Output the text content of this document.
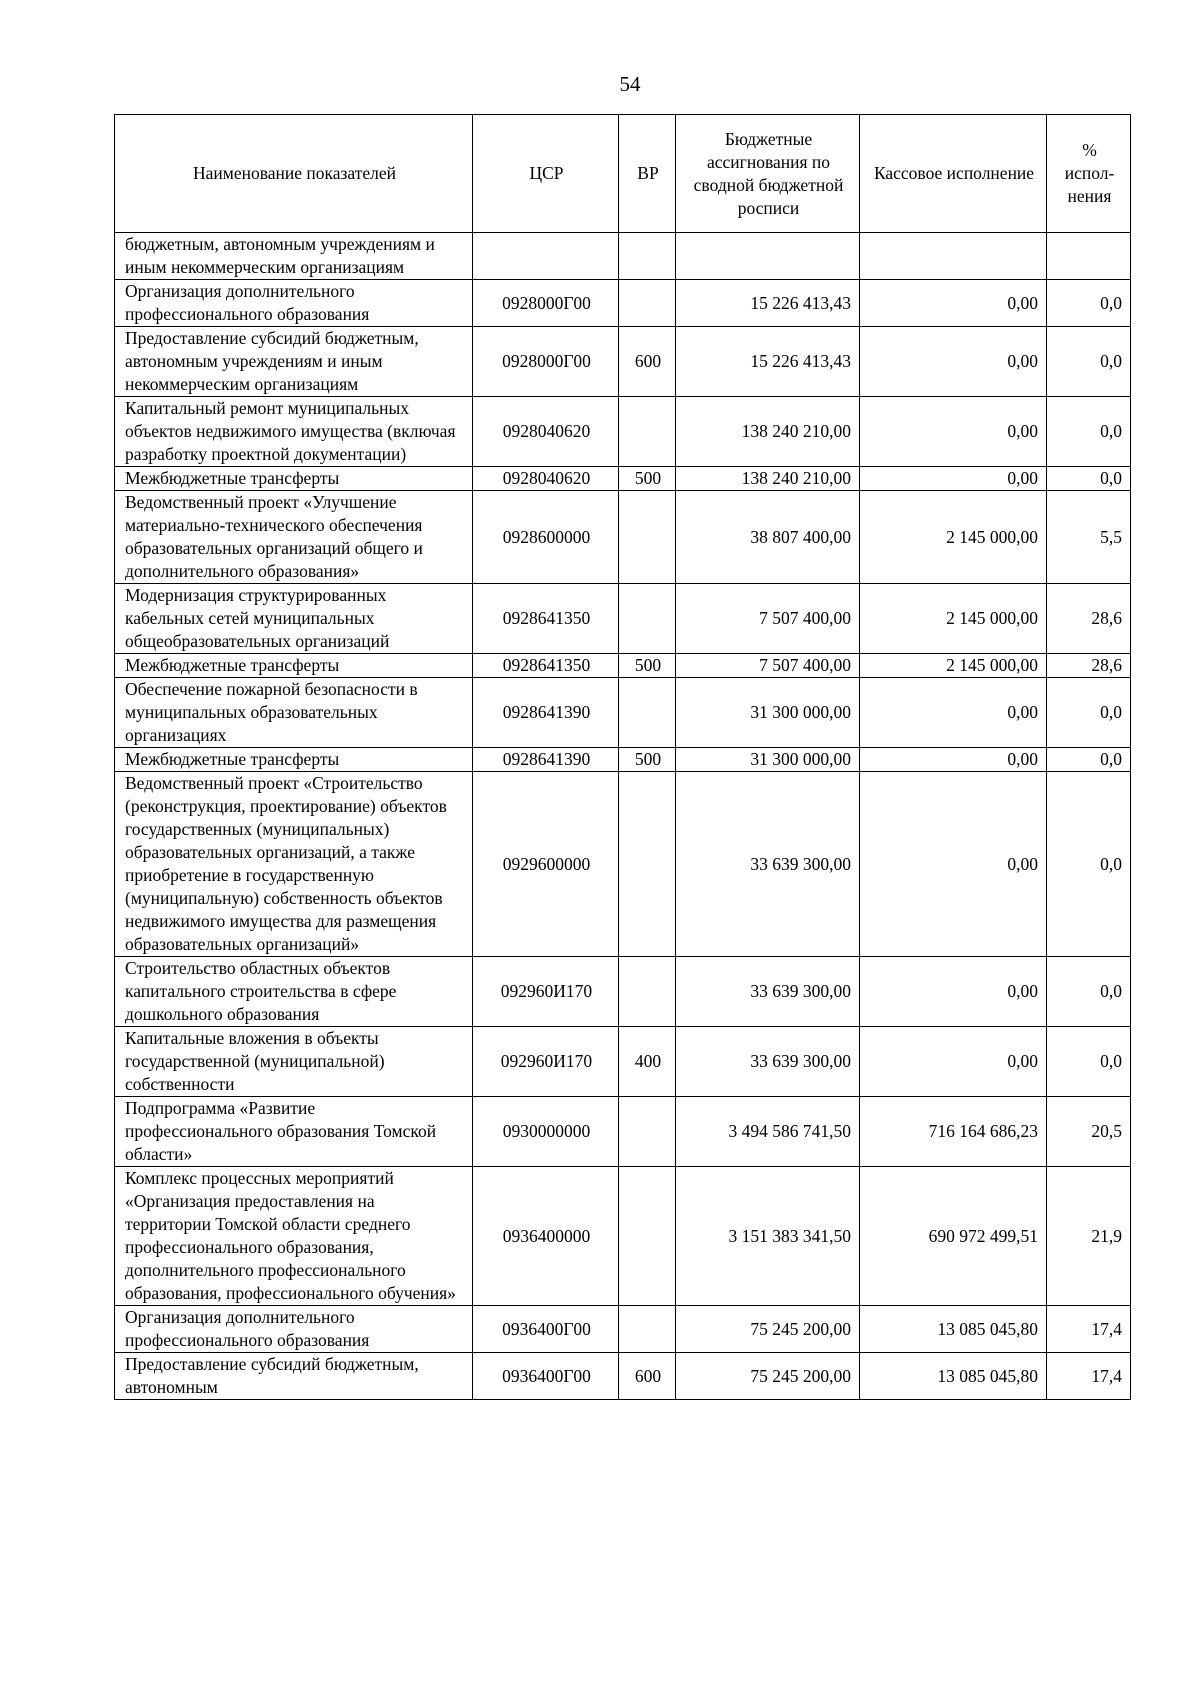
54
Наименование показателей	ЦСР	ВР	Бюджетные ассигнования по сводной бюджетной росписи	Кассовое исполнение	% испол-нения
бюджетным, автономным учреждениям и иным некоммерческим организациям					
Организация дополнительного профессионального образования	0928000Г00		15 226 413,43	0,00	0,0
Предоставление субсидий бюджетным, автономным учреждениям и иным некоммерческим организациям	0928000Г00	600	15 226 413,43	0,00	0,0
Капитальный ремонт муниципальных объектов недвижимого имущества (включая разработку проектной документации)	0928040620		138 240 210,00	0,00	0,0
Межбюджетные трансферты	0928040620	500	138 240 210,00	0,00	0,0
Ведомственный проект «Улучшение материально-технического обеспечения образовательных организаций общего и дополнительного образования»	0928600000		38 807 400,00	2 145 000,00	5,5
Модернизация структурированных кабельных сетей муниципальных общеобразовательных организаций	0928641350		7 507 400,00	2 145 000,00	28,6
Межбюджетные трансферты	0928641350	500	7 507 400,00	2 145 000,00	28,6
Обеспечение пожарной безопасности в муниципальных образовательных организациях	0928641390		31 300 000,00	0,00	0,0
Межбюджетные трансферты	0928641390	500	31 300 000,00	0,00	0,0
Ведомственный проект «Строительство (реконструкция, проектирование) объектов государственных (муниципальных) образовательных организаций, а также приобретение в государственную (муниципальную) собственность объектов недвижимого имущества для размещения образовательных организаций»	0929600000		33 639 300,00	0,00	0,0
Строительство областных объектов капитального строительства в сфере дошкольного образования	092960И170		33 639 300,00	0,00	0,0
Капитальные вложения в объекты государственной (муниципальной) собственности	092960И170	400	33 639 300,00	0,00	0,0
Подпрограмма «Развитие профессионального образования Томской области»	0930000000		3 494 586 741,50	716 164 686,23	20,5
Комплекс процессных мероприятий «Организация предоставления на территории Томской области среднего профессионального образования, дополнительного профессионального образования, профессионального обучения»	0936400000		3 151 383 341,50	690 972 499,51	21,9
Организация дополнительного профессионального образования	0936400Г00		75 245 200,00	13 085 045,80	17,4
Предоставление субсидий бюджетным, автономным	0936400Г00	600	75 245 200,00	13 085 045,80	17,4
